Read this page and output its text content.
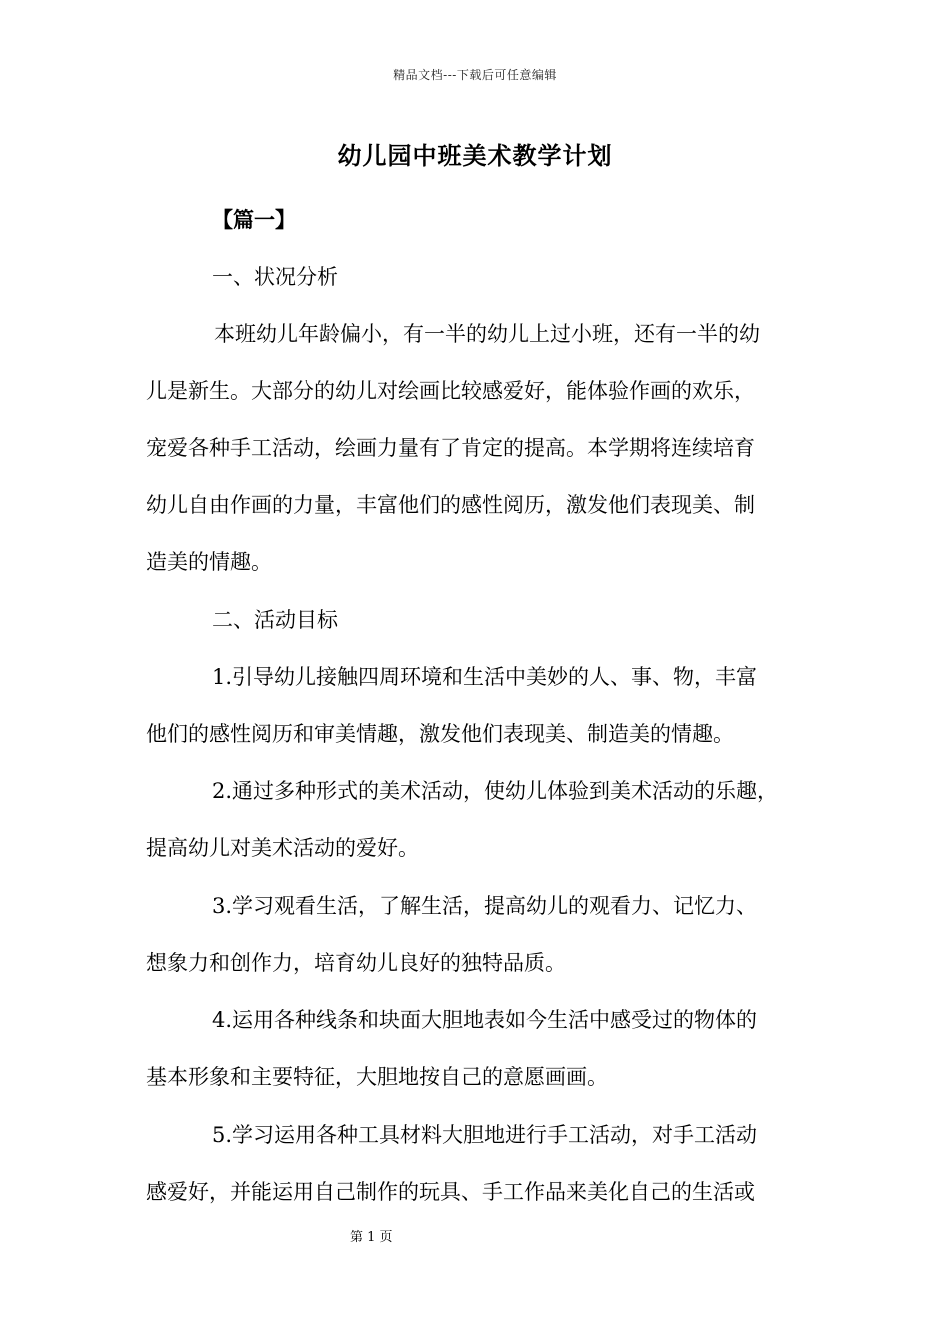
精品文档---下载后可任意编辑
幼儿园中班美术教学计划
【篇一】
一、状况分析
本班幼儿年龄偏小，有一半的幼儿上过小班，还有一半的幼
儿是新生。大部分的幼儿对绘画比较感爱好，能体验作画的欢乐，
宠爱各种手工活动，绘画力量有了肯定的提高。本学期将连续培育
幼儿自由作画的力量，丰富他们的感性阅历，激发他们表现美、制
造美的情趣。
二、活动目标
1.引导幼儿接触四周环境和生活中美妙的人、事、物，丰富
他们的感性阅历和审美情趣，激发他们表现美、制造美的情趣。
2.通过多种形式的美术活动，使幼儿体验到美术活动的乐趣，
提高幼儿对美术活动的爱好。
3.学习观看生活，了解生活，提高幼儿的观看力、记忆力、
想象力和创作力，培育幼儿良好的独特品质。
4.运用各种线条和块面大胆地表如今生活中感受过的物体的
基本形象和主要特征，大胆地按自己的意愿画画。
5.学习运用各种工具材料大胆地进行手工活动，对手工活动
感爱好，并能运用自己制作的玩具、手工作品来美化自己的生活或
第 1 页
